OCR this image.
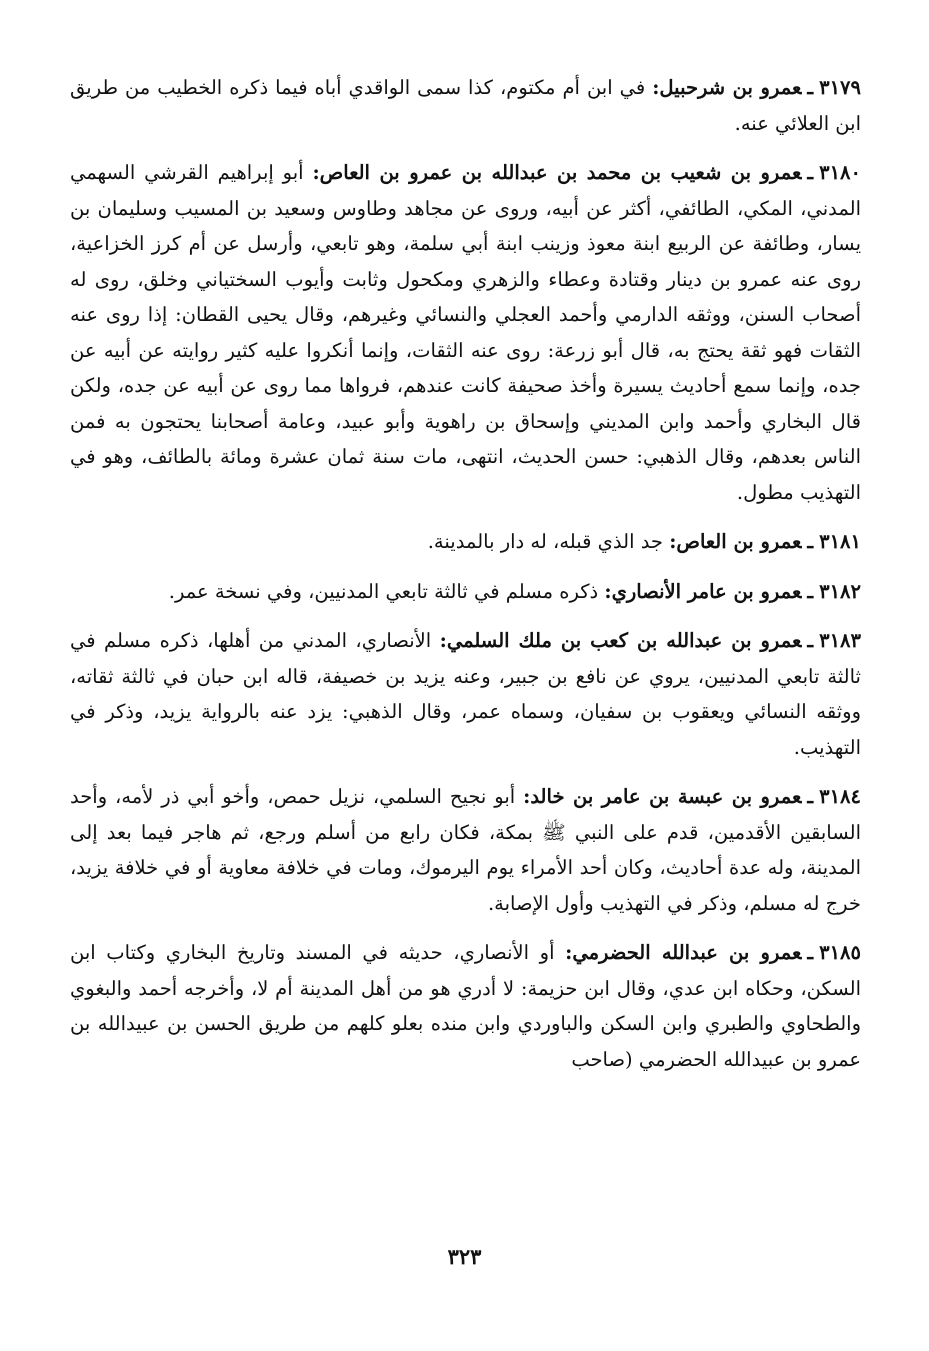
٣١٧٩ـعمرو بن شرحبيل: في ابن أم مكتوم، كذا سمى الواقدي أباه فيما ذكره الخطيب من طريق ابن العلائي عنه.

٣١٨٠ـعمرو بن شعيب بن محمد بن عبدالله بن عمرو بن العاص: أبو إبراهيم القرشي السهمي المدني، المكي، الطائفي، أكثر عن أبيه، وروى عن مجاهد وطاوس وسعيد بن المسيب وسليمان بن يسار، وطائفة عن الربيع ابنة معوذ وزينب ابنة أبي سلمة، وهو تابعي، وأرسل عن أم كرز الخزاعية، روى عنه عمرو بن دينار وقتادة وعطاء والزهري ومكحول وثابت وأيوب السختياني وخلق، روى له أصحاب السنن، ووثقه الدارمي وأحمد العجلي والنسائي وغيرهم، وقال يحيى القطان: إذا روى عنه الثقات فهو ثقة يحتج به، قال أبو زرعة: روى عنه الثقات، وإنما أنكروا عليه كثير روايته عن أبيه عن جده، وإنما سمع أحاديث يسيرة وأخذ صحيفة كانت عندهم، فرواها مما روى عن أبيه عن جده، ولكن قال البخاري وأحمد وابن المديني وإسحاق بن راهوية وأبو عبيد، وعامة أصحابنا يحتجون به فمن الناس بعدهم، وقال الذهبي: حسن الحديث، انتهى، مات سنة ثمان عشرة ومائة بالطائف، وهو في التهذيب مطول.

٣١٨١ـعمرو بن العاص: جد الذي قبله، له دار بالمدينة.

٣١٨٢ـعمرو بن عامر الأنصاري: ذكره مسلم في ثالثة تابعي المدنيين، وفي نسخة عمر.

٣١٨٣ـعمرو بن عبدالله بن كعب بن ملك السلمي: الأنصاري، المدني من أهلها، ذكره مسلم في ثالثة تابعي المدنيين، يروي عن نافع بن جبير، وعنه يزيد بن خصيفة، قاله ابن حبان في ثالثة ثقاته، ووثقه النسائي ويعقوب بن سفيان، وسماه عمر، وقال الذهبي: يزد عنه بالرواية يزيد، وذكر في التهذيب.

٣١٨٤ـعمرو بن عبسة بن عامر بن خالد: أبو نجيح السلمي، نزيل حمص، وأخو أبي ذر لأمه، وأحد السابقين الأقدمين، قدم على النبي ﷺ بمكة، فكان رابع من أسلم ورجع، ثم هاجر فيما بعد إلى المدينة، وله عدة أحاديث، وكان أحد الأمراء يوم اليرموك، ومات في خلافة معاوية أو في خلافة يزيد، خرج له مسلم، وذكر في التهذيب وأول الإصابة.

٣١٨٥ـعمرو بن عبدالله الحضرمي: أو الأنصاري، حديثه في المسند وتاريخ البخاري وكتاب ابن السكن، وحكاه ابن عدي، وقال ابن حزيمة: لا أدري هو من أهل المدينة أم لا، وأخرجه أحمد والبغوي والطحاوي والطبري وابن السكن والباوردي وابن منده بعلو كلهم من طريق الحسن بن عبيدالله بن عمرو بن عبيدالله الحضرمي (صاحب

٣٢٣
